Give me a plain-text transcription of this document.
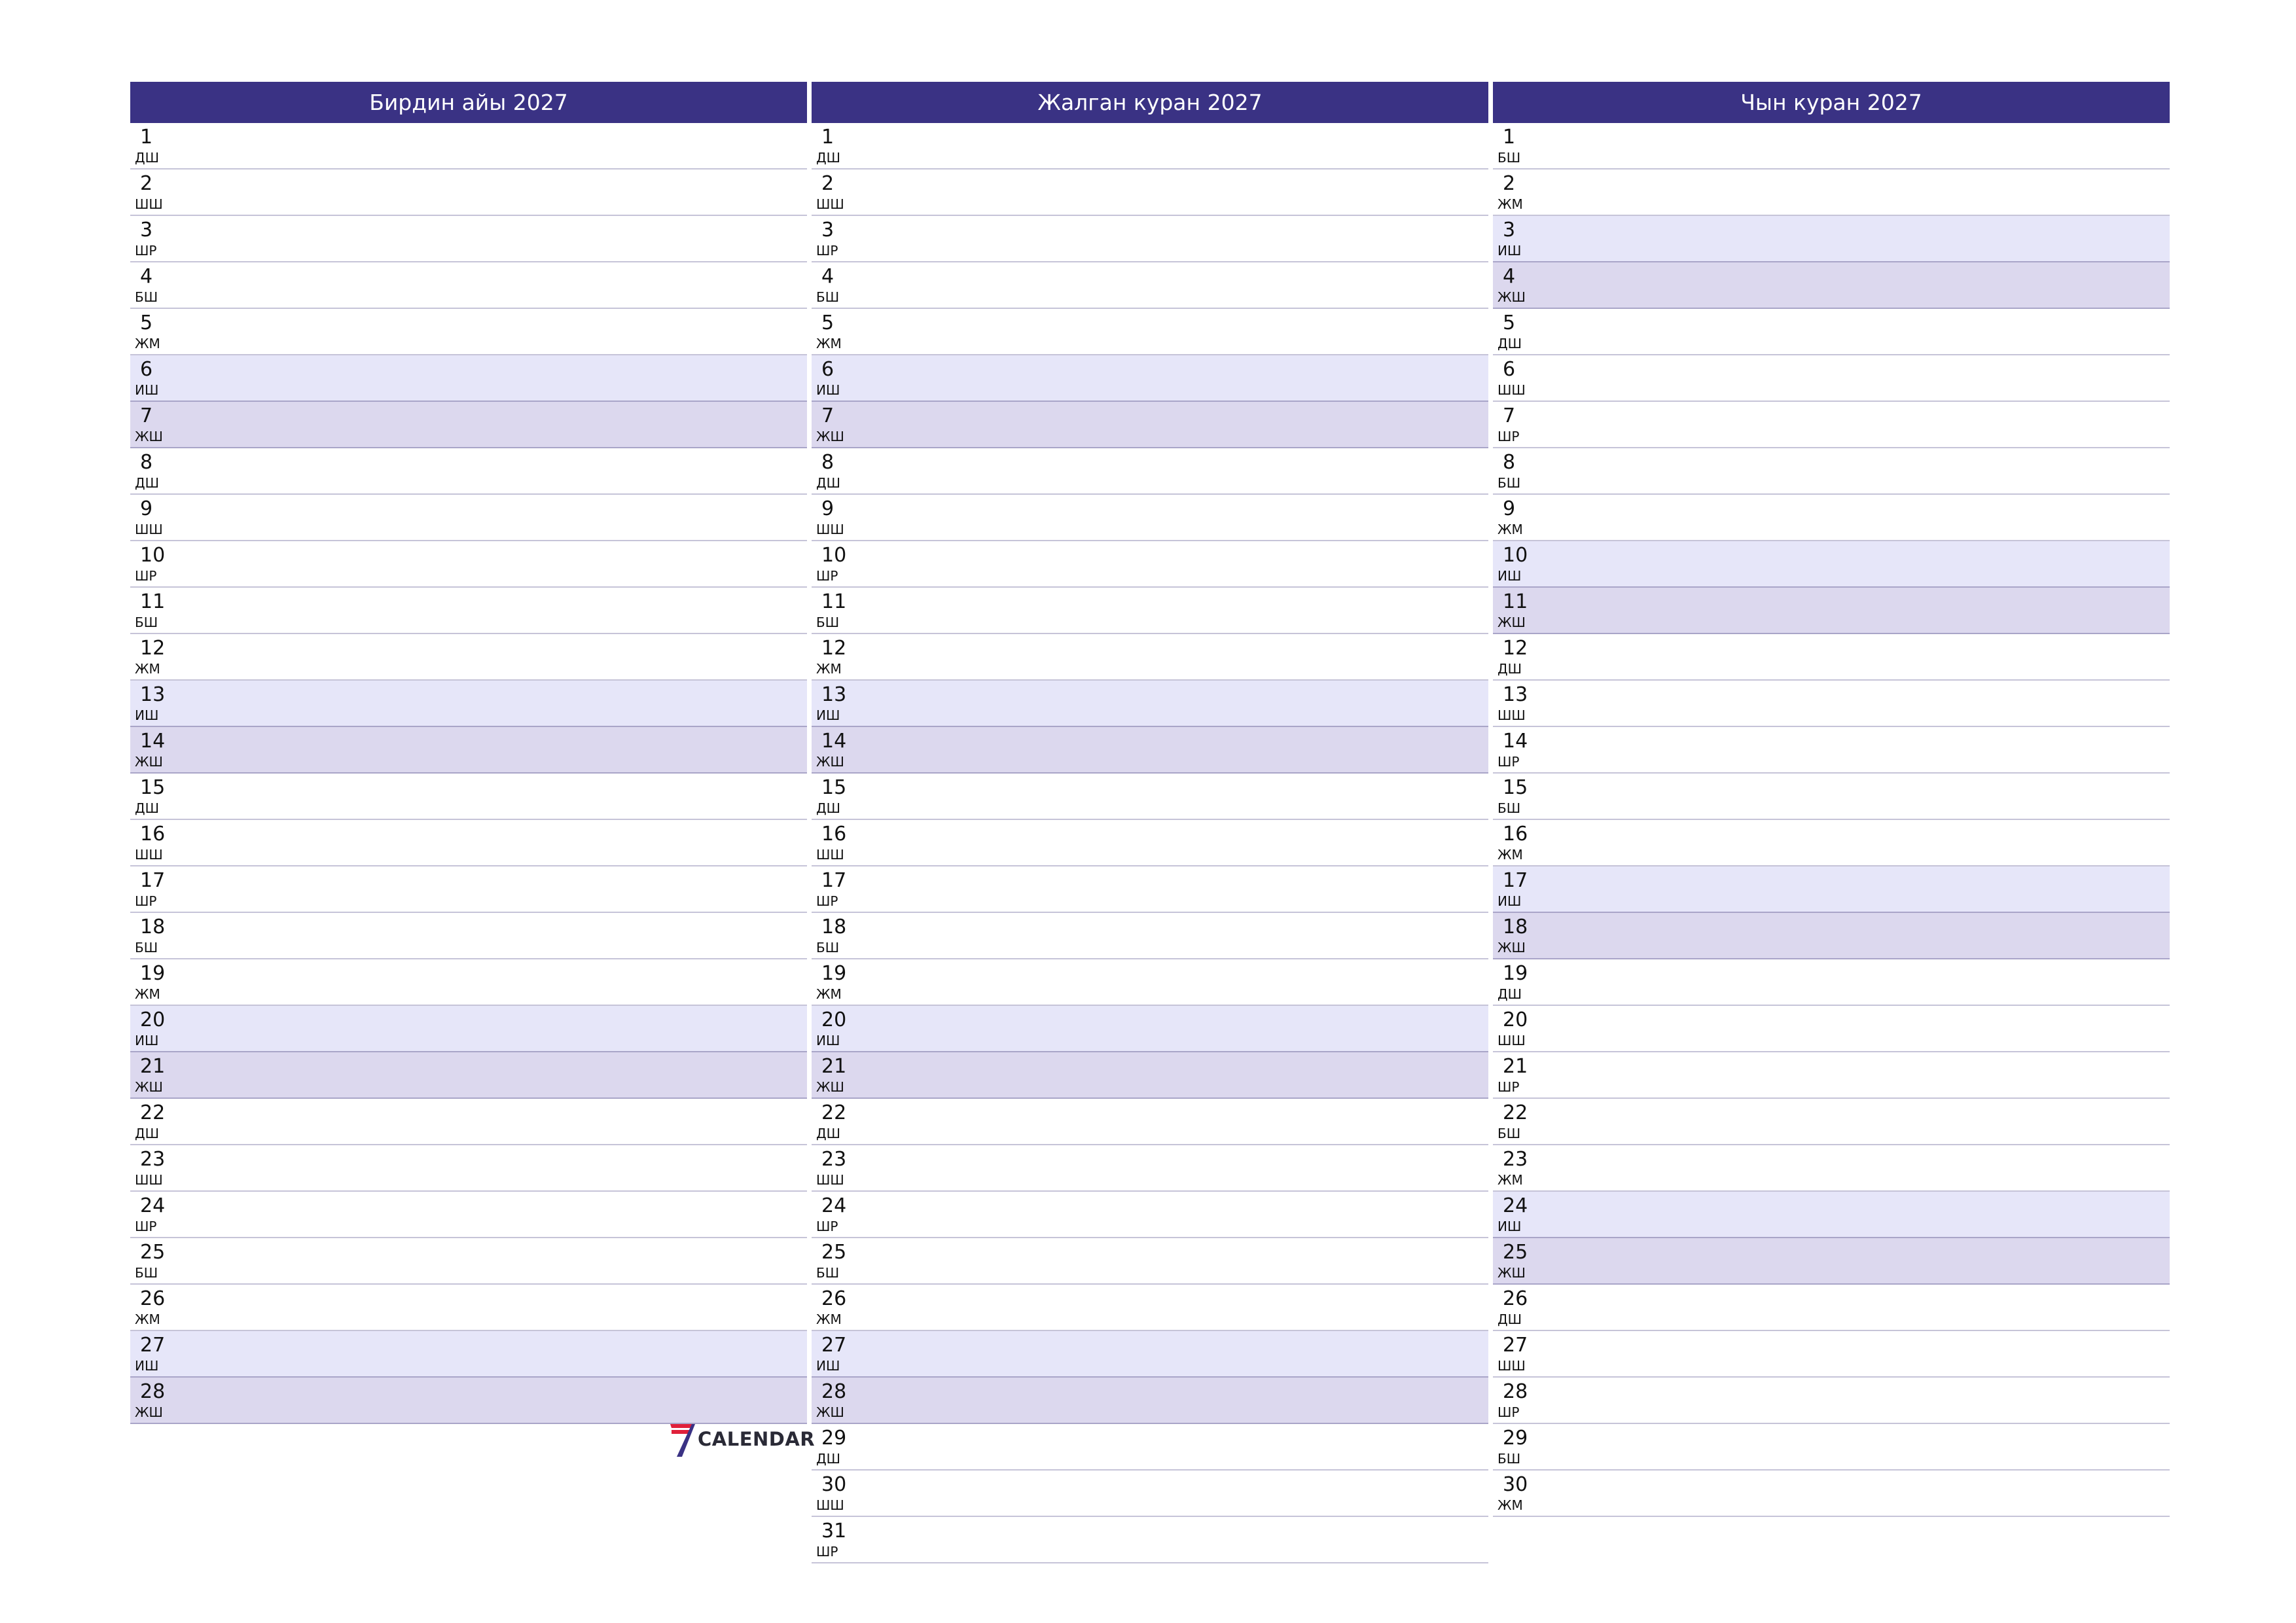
Бирдин айы 2027
1
ДШ
2
ШШ
3
ШР
4
БШ
5
ЖМ
6
ИШ
7
ЖШ
8
ДШ
9
ШШ
10
ШР
11
БШ
12
ЖМ
13
ИШ
14
ЖШ
15
ДШ
16
ШШ
17
ШР
18
БШ
19
ЖМ
20
ИШ
21
ЖШ
22
ДШ
23
ШШ
24
ШР
25
БШ
26
ЖМ
27
ИШ
28
ЖШ
Жалган куран 2027
1
ДШ
2
ШШ
3
ШР
4
БШ
5
ЖМ
6
ИШ
7
ЖШ
8
ДШ
9
ШШ
10
ШР
11
БШ
12
ЖМ
13
ИШ
14
ЖШ
15
ДШ
16
ШШ
17
ШР
18
БШ
19
ЖМ
20
ИШ
21
ЖШ
22
ДШ
23
ШШ
24
ШР
25
БШ
26
ЖМ
27
ИШ
28
ЖШ
29
ДШ
30
ШШ
31
ШР
Чын куран 2027
1
БШ
2
ЖМ
3
ИШ
4
ЖШ
5
ДШ
6
ШШ
7
ШР
8
БШ
9
ЖМ
10
ИШ
11
ЖШ
12
ДШ
13
ШШ
14
ШР
15
БШ
16
ЖМ
17
ИШ
18
ЖШ
19
ДШ
20
ШШ
21
ШР
22
БШ
23
ЖМ
24
ИШ
25
ЖШ
26
ДШ
27
ШШ
28
ШР
29
БШ
30
ЖМ
CALENDAR
